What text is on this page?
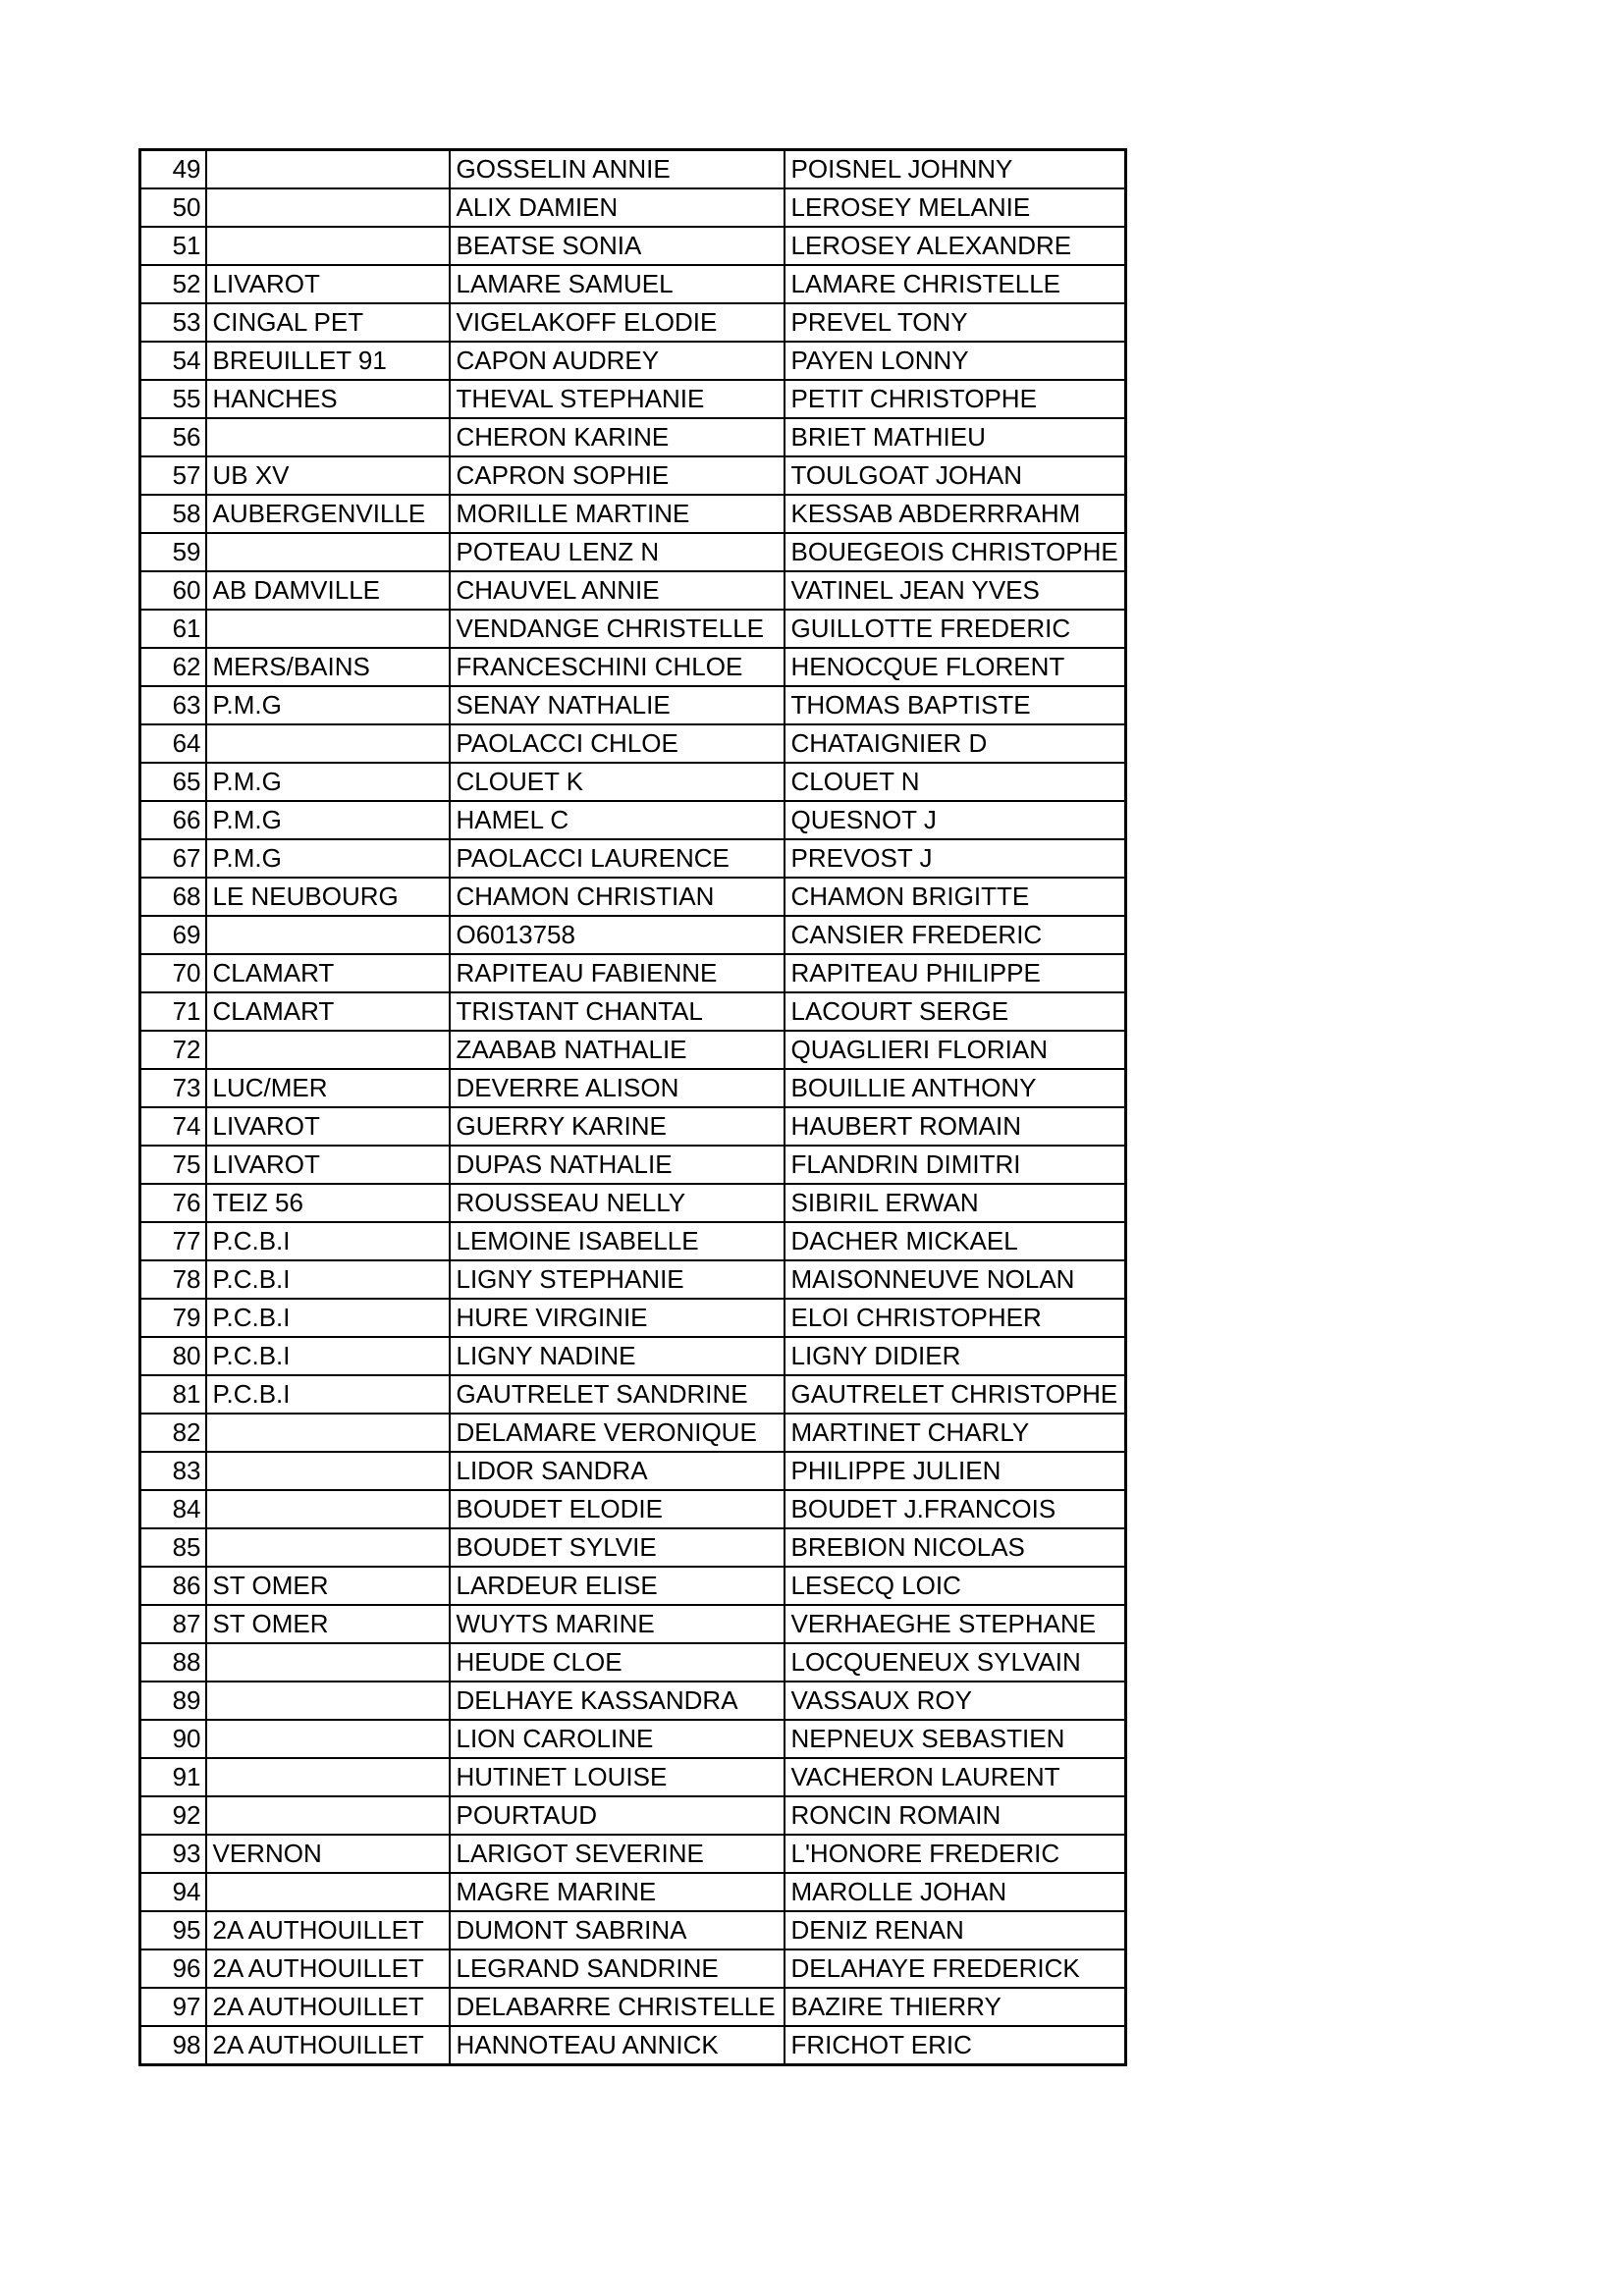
49		GOSSELIN ANNIE	POISNEL JOHNNY
50		ALIX DAMIEN	LEROSEY MELANIE
51		BEATSE SONIA	LEROSEY ALEXANDRE
52	LIVAROT	LAMARE SAMUEL	LAMARE CHRISTELLE
53	CINGAL PET	VIGELAKOFF ELODIE	PREVEL TONY
54	BREUILLET 91	CAPON AUDREY	PAYEN LONNY
55	HANCHES	THEVAL STEPHANIE	PETIT CHRISTOPHE
56		CHERON KARINE	BRIET MATHIEU
57	UB XV	CAPRON SOPHIE	TOULGOAT JOHAN
58	AUBERGENVILLE	MORILLE MARTINE	KESSAB ABDERRRAHM
59		POTEAU LENZ N	BOUEGEOIS CHRISTOPHE
60	AB DAMVILLE	CHAUVEL ANNIE	VATINEL JEAN YVES
61		VENDANGE CHRISTELLE	GUILLOTTE FREDERIC
62	MERS/BAINS	FRANCESCHINI CHLOE	HENOCQUE FLORENT
63	P.M.G	SENAY NATHALIE	THOMAS BAPTISTE
64		PAOLACCI CHLOE	CHATAIGNIER D
65	P.M.G	CLOUET K	CLOUET N
66	P.M.G	HAMEL C	QUESNOT J
67	P.M.G	PAOLACCI LAURENCE	PREVOST J
68	LE NEUBOURG	CHAMON CHRISTIAN	CHAMON BRIGITTE
69		O6013758	CANSIER FREDERIC
70	CLAMART	RAPITEAU FABIENNE	RAPITEAU PHILIPPE
71	CLAMART	TRISTANT CHANTAL	LACOURT SERGE
72		ZAABAB NATHALIE	QUAGLIERI FLORIAN
73	LUC/MER	DEVERRE ALISON	BOUILLIE ANTHONY
74	LIVAROT	GUERRY KARINE	HAUBERT ROMAIN
75	LIVAROT	DUPAS NATHALIE	FLANDRIN DIMITRI
76	TEIZ 56	ROUSSEAU NELLY	SIBIRIL ERWAN
77	P.C.B.I	LEMOINE ISABELLE	DACHER MICKAEL
78	P.C.B.I	LIGNY STEPHANIE	MAISONNEUVE NOLAN
79	P.C.B.I	HURE VIRGINIE	ELOI CHRISTOPHER
80	P.C.B.I	LIGNY NADINE	LIGNY DIDIER
81	P.C.B.I	GAUTRELET SANDRINE	GAUTRELET CHRISTOPHE
82		DELAMARE VERONIQUE	MARTINET CHARLY
83		LIDOR SANDRA	PHILIPPE JULIEN
84		BOUDET ELODIE	BOUDET J.FRANCOIS
85		BOUDET SYLVIE	BREBION NICOLAS
86	ST OMER	LARDEUR ELISE	LESECQ LOIC
87	ST OMER	WUYTS MARINE	VERHAEGHE STEPHANE
88		HEUDE CLOE	LOCQUENEUX SYLVAIN
89		DELHAYE KASSANDRA	VASSAUX ROY
90		LION CAROLINE	NEPNEUX SEBASTIEN
91		HUTINET LOUISE	VACHERON LAURENT
92		POURTAUD	RONCIN ROMAIN
93	VERNON	LARIGOT SEVERINE	L'HONORE FREDERIC
94		MAGRE MARINE	MAROLLE JOHAN
95	2A AUTHOUILLET	DUMONT SABRINA	DENIZ RENAN
96	2A AUTHOUILLET	LEGRAND SANDRINE	DELAHAYE FREDERICK
97	2A AUTHOUILLET	DELABARRE CHRISTELLE	BAZIRE THIERRY
98	2A AUTHOUILLET	HANNOTEAU ANNICK	FRICHOT ERIC
